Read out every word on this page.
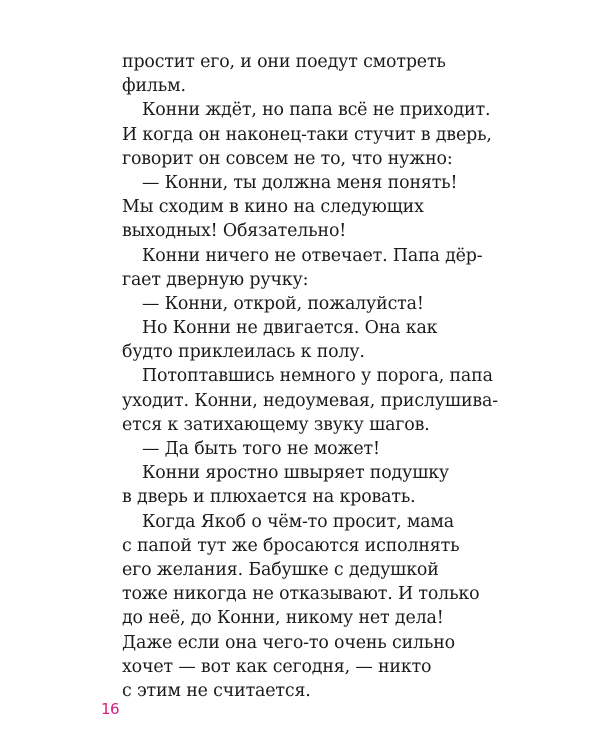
простит его, и они поедут смотреть
фильм.
Конни ждёт, но папа всё не приходит.
И когда он наконец-таки стучит в дверь,
говорит он совсем не то, что нужно:
— Конни, ты должна меня понять!
Мы сходим в кино на следующих
выходных! Обязательно!
Конни ничего не отвечает. Папа дёр-
гает дверную ручку:
— Конни, открой, пожалуйста!
Но Конни не двигается. Она как
будто приклеилась к полу.
Потоптавшись немного у порога, папа
уходит. Конни, недоумевая, прислушива-
ется к затихающему звуку шагов.
— Да быть того не может!
Конни яростно швыряет подушку
в дверь и плюхается на кровать.
Когда Якоб о чём-то просит, мама
с папой тут же бросаются исполнять
его желания. Бабушке с дедушкой
тоже никогда не отказывают. И только
до неё, до Конни, никому нет дела!
Даже если она чего-то очень сильно
хочет — вот как сегодня, — никто
с этим не считается.
16
